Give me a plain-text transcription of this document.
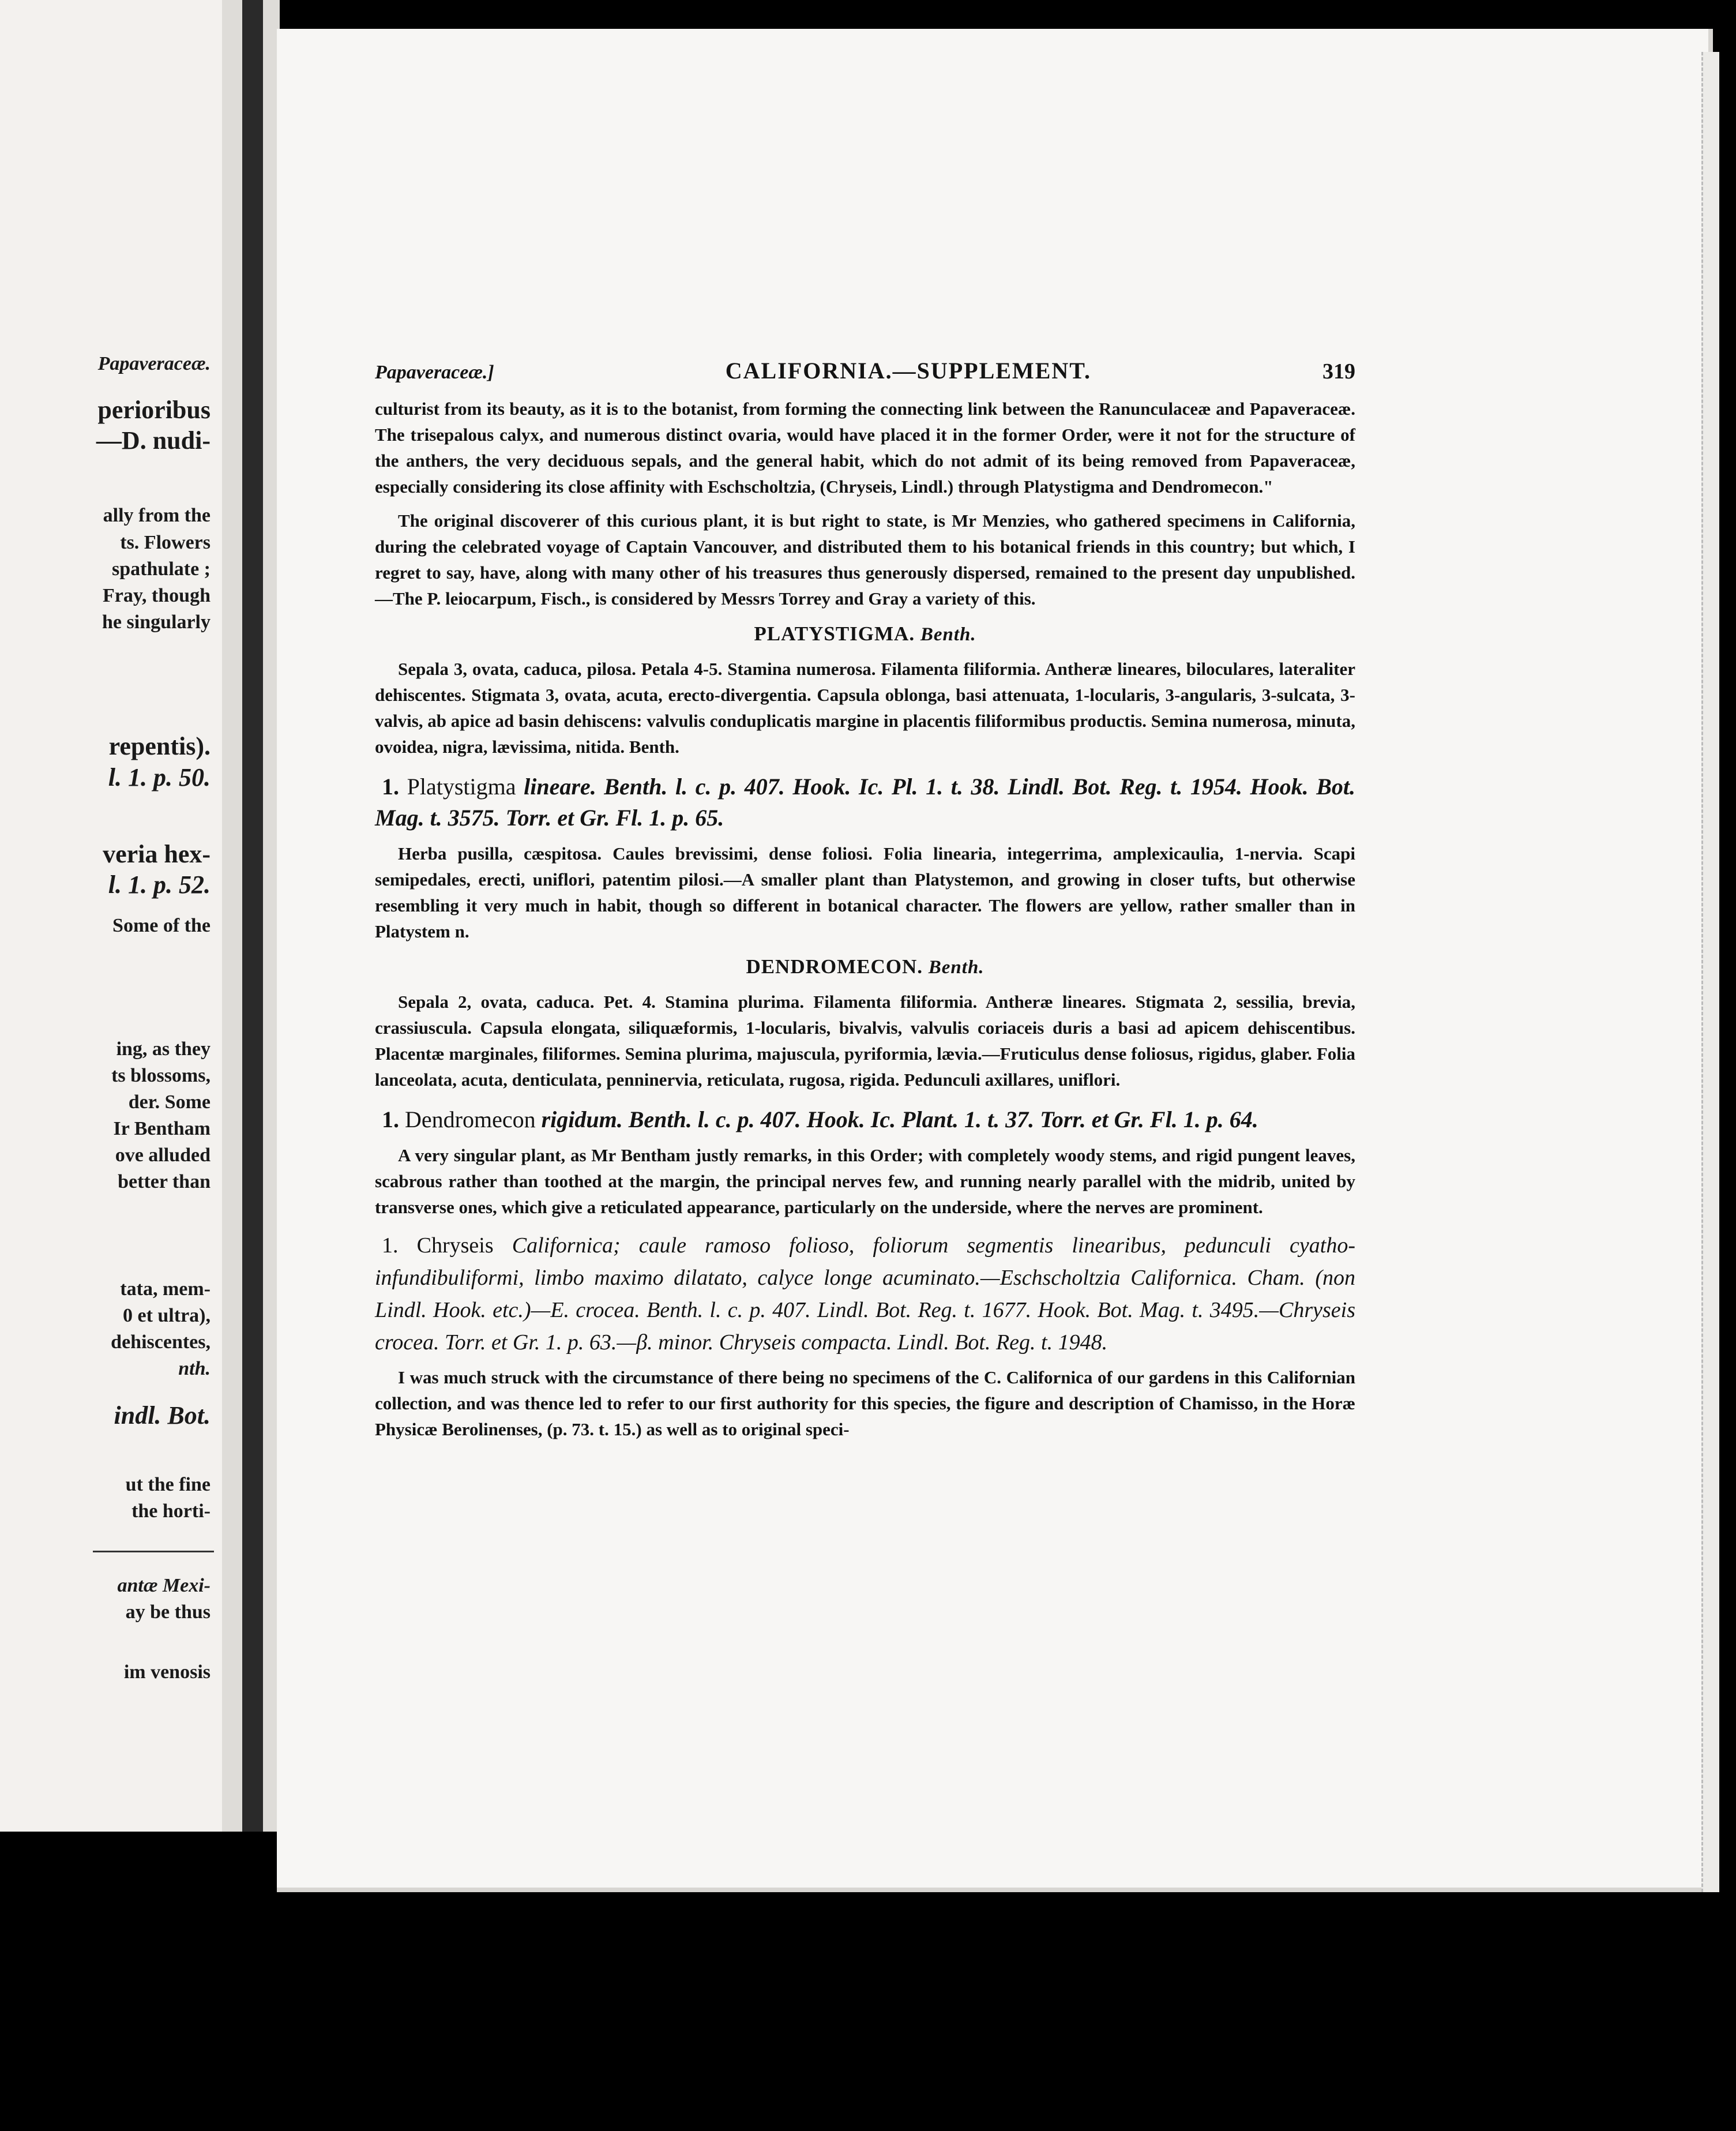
Papaveraceæ.
perioribus
—D. nudi-
ally from the
ts. Flowers
spathulate ;
Fray, though
he singularly
repentis).
l. 1. p. 50.
veria hex-
l. 1. p. 52.
Some of the
ing, as they
ts blossoms,
der. Some
Ir Bentham
ove alluded
better than
tata, mem-
0 et ultra),
dehiscentes,
nth.
indl. Bot.
ut the fine
the horti-
antæ Mexi-
ay be thus
im venosis
Papaveraceæ.]	CALIFORNIA.—SUPPLEMENT.	319

culturist from its beauty, as it is to the botanist, from forming the connecting link between the Ranunculaceæ and Papaveraceæ. The trisepalous calyx, and numerous distinct ovaria, would have placed it in the former Order, were it not for the structure of the anthers, the very deciduous sepals, and the general habit, which do not admit of its being removed from Papaveraceæ, especially considering its close affinity with Eschscholtzia, (Chryseis, Lindl.) through Platystigma and Dendromecon."

The original discoverer of this curious plant, it is but right to state, is Mr Menzies, who gathered specimens in California, during the celebrated voyage of Captain Vancouver, and distributed them to his botanical friends in this country; but which, I regret to say, have, along with many other of his treasures thus generously dispersed, remained to the present day unpublished.—The P. leiocarpum, Fisch., is considered by Messrs Torrey and Gray a variety of this.

PLATYSTIGMA. Benth.

Sepala 3, ovata, caduca, pilosa. Petala 4-5. Stamina numerosa. Filamenta filiformia. Antheræ lineares, biloculares, lateraliter dehiscentes. Stigmata 3, ovata, acuta, erecto-divergentia. Capsula oblonga, basi attenuata, 1-locularis, 3-angularis, 3-sulcata, 3-valvis, ab apice ad basin dehiscens: valvulis conduplicatis margine in placentis filiformibus productis. Semina numerosa, minuta, ovoidea, nigra, lævissima, nitida. Benth.

1. Platystigma lineare. Benth. l. c. p. 407. Hook. Ic. Pl. 1. t. 38. Lindl. Bot. Reg. t. 1954. Hook. Bot. Mag. t. 3575. Torr. et Gr. Fl. 1. p. 65.

Herba pusilla, cæspitosa. Caules brevissimi, dense foliosi. Folia linearia, integerrima, amplexicaulia, 1-nervia. Scapi semipedales, erecti, uniflori, patentim pilosi.—A smaller plant than Platystemon, and growing in closer tufts, but otherwise resembling it very much in habit, though so different in botanical character. The flowers are yellow, rather smaller than in Platystem n.

DENDROMECON. Benth.

Sepala 2, ovata, caduca. Pet. 4. Stamina plurima. Filamenta filiformia. Antheræ lineares. Stigmata 2, sessilia, brevia, crassiuscula. Capsula elongata, siliquæformis, 1-locularis, bivalvis, valvulis coriaceis duris a basi ad apicem dehiscentibus. Placentæ marginales, filiformes. Semina plurima, majuscula, pyriformia, lævia.—Fruticulus dense foliosus, rigidus, glaber. Folia lanceolata, acuta, denticulata, penninervia, reticulata, rugosa, rigida. Pedunculi axillares, uniflori.

1. Dendromecon rigidum. Benth. l. c. p. 407. Hook. Ic. Plant. 1. t. 37. Torr. et Gr. Fl. 1. p. 64.

A very singular plant, as Mr Bentham justly remarks, in this Order; with completely woody stems, and rigid pungent leaves, scabrous rather than toothed at the margin, the principal nerves few, and running nearly parallel with the midrib, united by transverse ones, which give a reticulated appearance, particularly on the underside, where the nerves are prominent.

1. Chryseis Californica; caule ramoso folioso, foliorum segmentis linearibus, pedunculi cyatho-infundibuliformi, limbo maximo dilatato, calyce longe acuminato.—Eschscholtzia Californica. Cham. (non Lindl. Hook. etc.)—E. crocea. Benth. l. c. p. 407. Lindl. Bot. Reg. t. 1677. Hook. Bot. Mag. t. 3495.—Chryseis crocea. Torr. et Gr. 1. p. 63.—β. minor. Chryseis compacta. Lindl. Bot. Reg. t. 1948.

I was much struck with the circumstance of there being no specimens of the C. Californica of our gardens in this Californian collection, and was thence led to refer to our first authority for this species, the figure and description of Chamisso, in the Horæ Physicæ Berolinenses, (p. 73. t. 15.) as well as to original speci-
